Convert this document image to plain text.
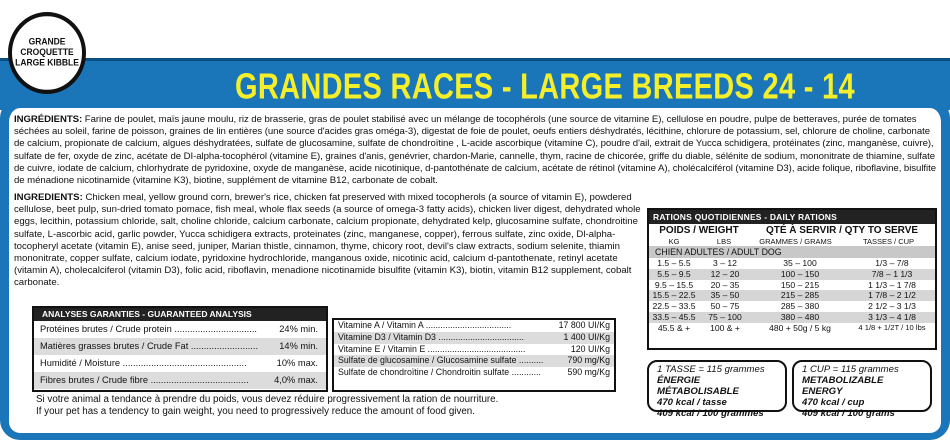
GRANDES RACES - LARGE BREEDS 24 - 14
GRANDE CROQUETTE
LARGE KIBBLE
INGRÉDIENTS: Farine de poulet, maïs jaune moulu, riz de brasserie, gras de poulet stabilisé avec un mélange de tocophérols (une source de vitamine E), cellulose en poudre, pulpe de betteraves, purée de tomates séchées au soleil, farine de poisson, graines de lin entières (une source d'acides gras oméga-3), digestat de foie de poulet, oeufs entiers déshydratés, lécithine, chlorure de potassium, sel, chlorure de choline, carbonate de calcium, propionate de calcium, algues déshydratées, sulfate de glucosamine, sulfate de chondroïtine , L-acide ascorbique (vitamine C), poudre d'ail, extrait de Yucca schidigera, protéinates (zinc, manganèse, cuivre), sulfate de fer, oxyde de zinc, acétate de DI-alpha-tocophérol (vitamine E), graines d'anis, genévrier, chardon-Marie, cannelle, thym, racine de chicorée, griffe du diable, sélénite de sodium, mononitrate de thiamine, sulfate de cuivre, iodate de calcium, chlorhydrate de pyridoxine, oxyde de manganèse, acide nicotinique, d-pantothénate de calcium, acétate de rétinol (vitamine A), cholécalciférol (vitamine D3), acide folique, riboflavine, bisulfite de ménadione nicotinamide (vitamine K3), biotine, supplément de vitamine B12, carbonate de cobalt.
INGREDIENTS: Chicken meal, yellow ground corn, brewer's rice, chicken fat preserved with mixed tocopherols (a source of vitamin E), powdered cellulose, beet pulp, sun-dried tomato pomace, fish meal, whole flax seeds (a source of omega-3 fatty acids), chicken liver digest, dehydrated whole eggs, lecithin, potassium chloride, salt, choline chloride, calcium carbonate, calcium propionate, dehydrated kelp, glucosamine sulfate, chondroitine sulfate, L-ascorbic acid, garlic powder, Yucca schidigera extracts, proteinates (zinc, manganese, copper), ferrous sulfate, zinc oxide, Dl-alpha-tocopheryl acetate (vitamin E), anise seed, juniper, Marian thistle, cinnamon, thyme, chicory root, devil's claw extracts, sodium selenite, thiamin mononitrate, copper sulfate, calcium iodate, pyridoxine hydrochloride, manganous oxide, nicotinic acid, calcium d-pantothenate, retinyl acetate (vitamin A), cholecalciferol (vitamin D3), folic acid, riboflavin, menadione nicotinamide bisulfite (vitamin K3), biotin, vitamin B12 supplement, cobalt carbonate.
RATIONS QUOTIDIENNES - DAILY RATIONS
POIDS / WEIGHT
KG	LBS
QTÉ À SERVIR / QTY TO SERVE
GRAMMES / GRAMS	TASSES / CUP
CHIEN ADULTES / ADULT DOG
1.5 – 5.5	3 – 12	35 – 100	1/3 – 7/8
5.5 – 9.5	12 – 20	100 – 150	7/8 – 1 1/3
9.5 – 15.5	20 – 35	150 – 215	1 1/3 – 1 7/8
15.5 – 22.5	35 – 50	215 – 285	1 7/8 – 2 1/2
22.5 – 33.5	50 – 75	285 – 380	2 1/2 – 3 1/3
33.5 – 45.5	75 – 100	380 – 480	3 1/3 – 4 1/8
45.5 & +	100 & +	480 + 50g / 5 kg	4 1/8 + 1/2T / 10 lbs
ANALYSES GARANTIES - GUARANTEED ANALYSIS
Protéines brutes / Crude protein ................................ 24% min.
Matières grasses brutes / Crude Fat .......................... 14% min.
Humidité / Moisture ................................................	10% max.
Fibres brutes / Crude fibre ......................................	4,0% max.
Vitamine A / Vitamin A ...................................	17 800 UI/Kg
Vitamine D3 / Vitamin D3 ...................................	1 400 UI/Kg
Vitamine E / Vitamin E ........................................	120 UI/Kg
Sulfate de glucosamine / Glucosamine sulfate ..........	790 mg/Kg
Sulfate de chondroïtine / Chondroitin sulfate ............	590 mg/Kg
Si votre animal a tendance à prendre du poids, vous devez réduire progressivement la ration de nourriture.
If your pet has a tendency to gain weight, you need to progressively reduce the amount of food given.
1 TASSE = 115 grammes
ÉNERGIE MÉTABOLISABLE
470 kcal / tasse
409 kcal / 100 grammes
1 CUP = 115 grammes
METABOLIZABLE ENERGY
470 kcal / cup
409 kcal / 100 grams
